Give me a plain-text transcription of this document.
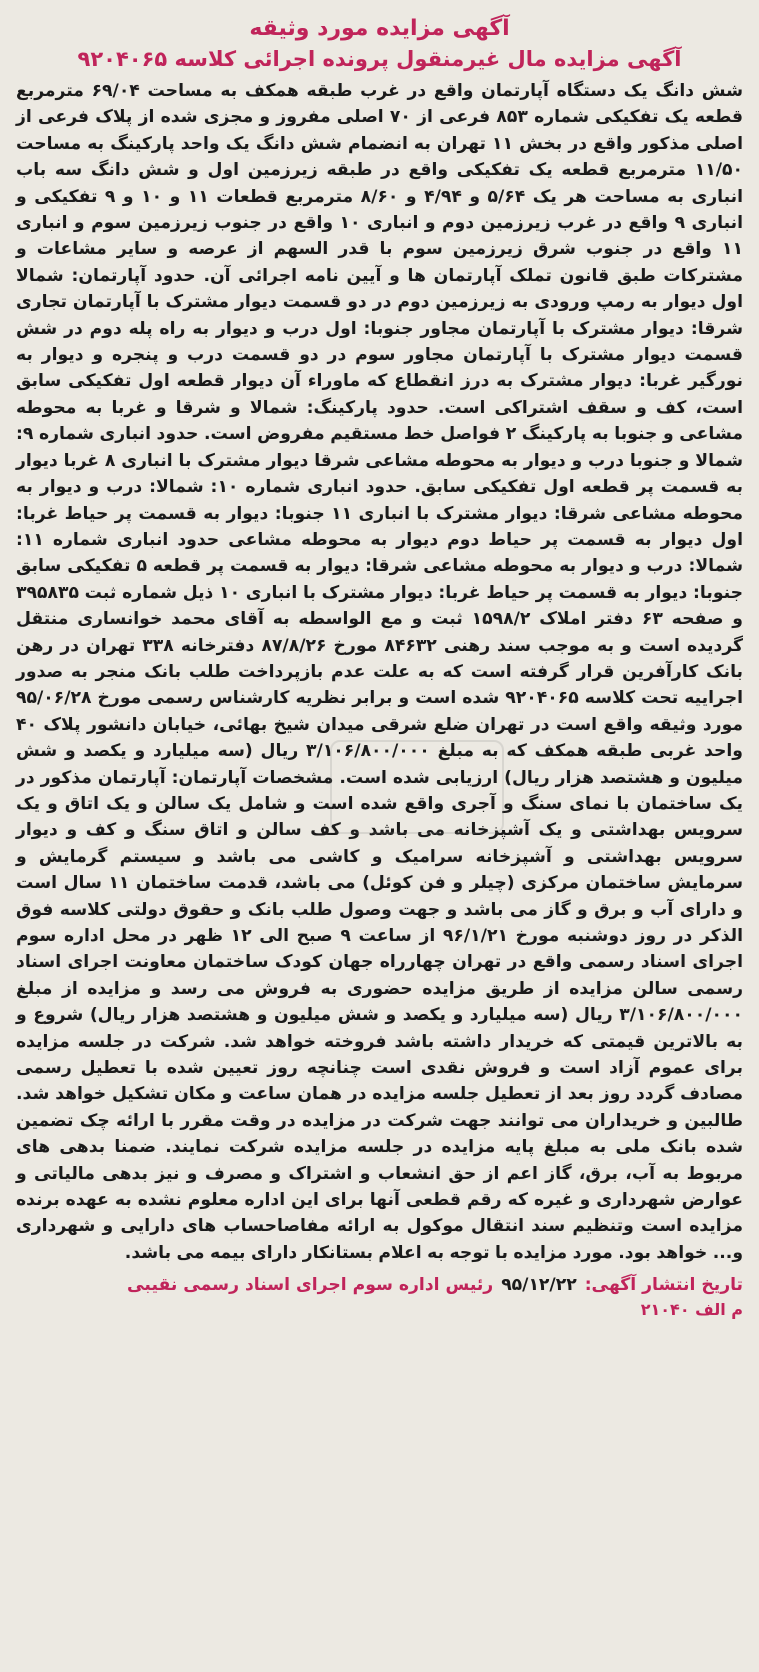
آگهی مزایده مورد وثیقه
آگهی مزایده مال غیرمنقول پرونده اجرائی کلاسه ۹۲۰۴۰۶۵

شش دانگ یک دستگاه آپارتمان واقع در غرب طبقه همکف به مساحت ۶۹/۰۴ مترمربع قطعه یک تفکیکی شماره ۸۵۳ فرعی از ۷۰ اصلی مفروز و مجزی شده از پلاک فرعی از اصلی مذکور واقع در بخش ۱۱ تهران به انضمام شش دانگ یک واحد پارکینگ به مساحت ۱۱/۵۰ مترمربع قطعه یک تفکیکی واقع در طبقه زیرزمین اول و شش دانگ سه باب انباری به مساحت هر یک ۵/۶۴ و ۴/۹۴ و ۸/۶۰ مترمربع قطعات ۱۱ و ۱۰ و ۹ تفکیکی و انباری ۹ واقع در غرب زیرزمین دوم و انباری ۱۰ واقع در جنوب زیرزمین سوم و انباری ۱۱ واقع در جنوب شرق زیرزمین سوم با قدر السهم از عرصه و سایر مشاعات و مشترکات طبق قانون تملک آپارتمان ها و آیین نامه اجرائی آن. حدود آپارتمان: شمالا اول دیوار به رمپ ورودی به زیرزمین دوم در دو قسمت دیوار مشترک با آپارتمان تجاری شرقا: دیوار مشترک با آپارتمان مجاور جنوبا: اول درب و دیوار به راه پله دوم در شش قسمت دیوار مشترک با آپارتمان مجاور سوم در دو قسمت درب و پنجره و دیوار به نورگیر غربا: دیوار مشترک به درز انقطاع که ماوراء آن دیوار قطعه اول تفکیکی سابق است، کف و سقف اشتراکی است. حدود پارکینگ: شمالا و شرقا و غربا به محوطه مشاعی و جنوبا به پارکینگ ۲ فواصل خط مستقیم مفروض است. حدود انباری شماره ۹: شمالا و جنوبا درب و دیوار به محوطه مشاعی شرقا دیوار مشترک با انباری ۸ غربا دیوار به قسمت پر قطعه اول تفکیکی سابق. حدود انباری شماره ۱۰: شمالا: درب و دیوار به محوطه مشاعی شرقا: دیوار مشترک با انباری ۱۱ جنوبا: دیوار به قسمت پر حیاط غربا: اول دیوار به قسمت پر حیاط دوم دیوار به محوطه مشاعی حدود انباری شماره ۱۱: شمالا: درب و دیوار به محوطه مشاعی شرقا: دیوار به قسمت پر قطعه ۵ تفکیکی سابق جنوبا: دیوار به قسمت پر حیاط غربا: دیوار مشترک با انباری ۱۰ ذیل شماره ثبت ۳۹۵۸۳۵ و صفحه ۶۳ دفتر املاک ۱۵۹۸/۲ ثبت و مع الواسطه به آقای محمد خوانساری منتقل گردیده است و به موجب سند رهنی ۸۴۶۳۲ مورخ ۸۷/۸/۲۶ دفترخانه ۳۳۸ تهران در رهن بانک کارآفرین قرار گرفته است که به علت عدم بازپرداخت طلب بانک منجر به صدور اجراییه تحت کلاسه ۹۲۰۴۰۶۵ شده است و برابر نظریه کارشناس رسمی مورخ ۹۵/۰۶/۲۸ مورد وثیقه واقع است در تهران ضلع شرقی میدان شیخ بهائی، خیابان دانشور پلاک ۴۰ واحد غربی طبقه همکف که به مبلغ ۳/۱۰۶/۸۰۰/۰۰۰ ریال (سه میلیارد و یکصد و شش میلیون و هشتصد هزار ریال) ارزیابی شده است. مشخصات آپارتمان: آپارتمان مذکور در یک ساختمان با نمای سنگ و آجری واقع شده است و شامل یک سالن و یک اتاق و یک سرویس بهداشتی و یک آشپزخانه می باشد و کف سالن و اتاق سنگ و کف و دیوار سرویس بهداشتی و آشپزخانه سرامیک و کاشی می باشد و سیستم گرمایش و سرمایش ساختمان مرکزی (چیلر و فن کوئل) می باشد، قدمت ساختمان ۱۱ سال است و دارای آب و برق و گاز می باشد و جهت وصول طلب بانک و حقوق دولتی کلاسه فوق الذکر در روز دوشنبه مورخ ۹۶/۱/۲۱ از ساعت ۹ صبح الی ۱۲ ظهر در محل اداره سوم اجرای اسناد رسمی واقع در تهران چهارراه جهان کودک ساختمان معاونت اجرای اسناد رسمی سالن مزایده از طریق مزایده حضوری به فروش می رسد و مزایده از مبلغ ۳/۱۰۶/۸۰۰/۰۰۰ ریال (سه میلیارد و یکصد و شش میلیون و هشتصد هزار ریال) شروع و به بالاترین قیمتی که خریدار داشته باشد فروخته خواهد شد. شرکت در جلسه مزایده برای عموم آزاد است و فروش نقدی است چنانچه روز تعیین شده با تعطیل رسمی مصادف گردد روز بعد از تعطیل جلسه مزایده در همان ساعت و مکان تشکیل خواهد شد. طالبین و خریداران می توانند جهت شرکت در مزایده در وقت مقرر با ارائه چک تضمین شده بانک ملی به مبلغ پایه مزایده در جلسه مزایده شرکت نمایند. ضمنا بدهی های مربوط به آب، برق، گاز اعم از حق انشعاب و اشتراک و مصرف و نیز بدهی مالیاتی و عوارض شهرداری و غیره که رقم قطعی آنها برای این اداره معلوم نشده به عهده برنده مزایده است وتنظیم سند انتقال موکول به ارائه مفاصاحساب های دارایی و شهرداری و... خواهد بود. مورد مزایده با توجه به اعلام بستانکار دارای بیمه می باشد.

تاریخ انتشار آگهی:
۹۵/۱۲/۲۲
رئیس اداره سوم اجرای اسناد رسمی نقیبی
م الف ۲۱۰۴۰
